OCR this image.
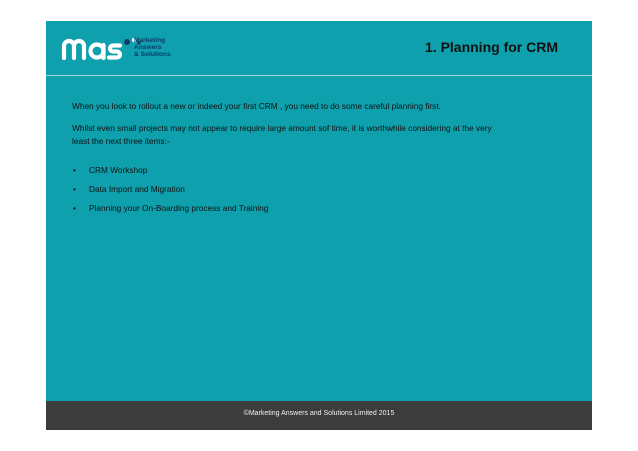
Marketing
Answers
& Solutions	1. Planning for CRM
©Marketing Answers and Solutions Limited 2015

When you look to rollout a new or indeed your first CRM , you need to do some careful planning first.

Whilst even small projects may not appear to require large amount sof time, it is worthwhile considering at the very least the next three items:-

• CRM Workshop
• Data Import and Migration
• Planning your On-Boarding process and Training
